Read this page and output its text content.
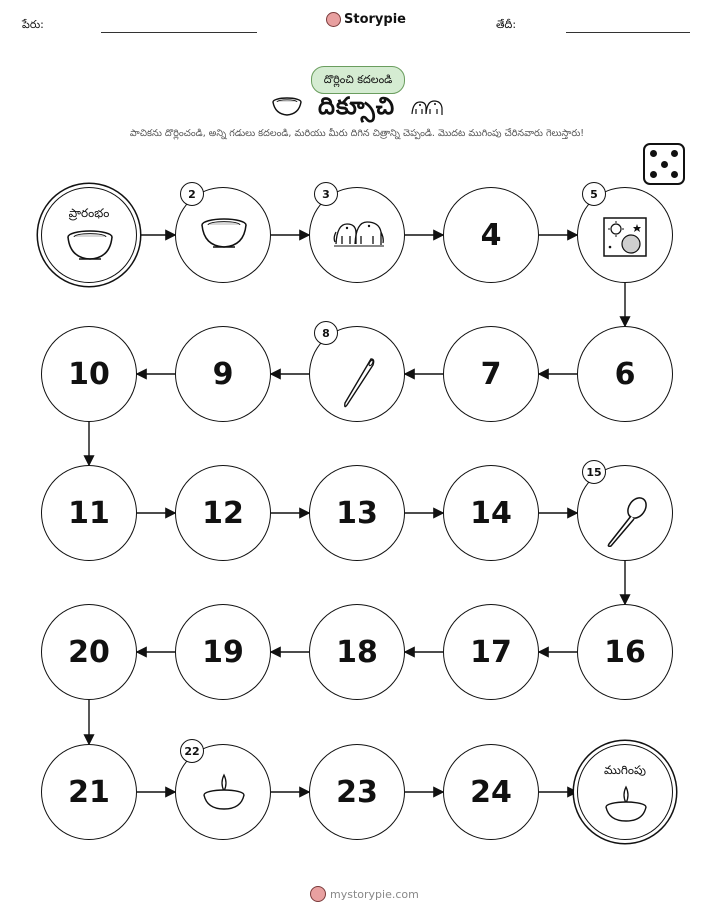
పేరు:	Storypie	తేదీ:
దొర్లించి కదలండి
దిక్సూచి
పాచికను దొర్లించండి, అన్ని గడులు కదలండి, మరియు మీరు దిగిన చిత్రాన్ని చెప్పండి. మొదట ముగింపు చేరినవారు గెలుస్తారు!
ప్రారంభం
2	3
4
5
6
7
8
9
10
11	12	13	14
15
16
17
18
19
20
21
22
23	24
ముగింపు
mystorypie.com
